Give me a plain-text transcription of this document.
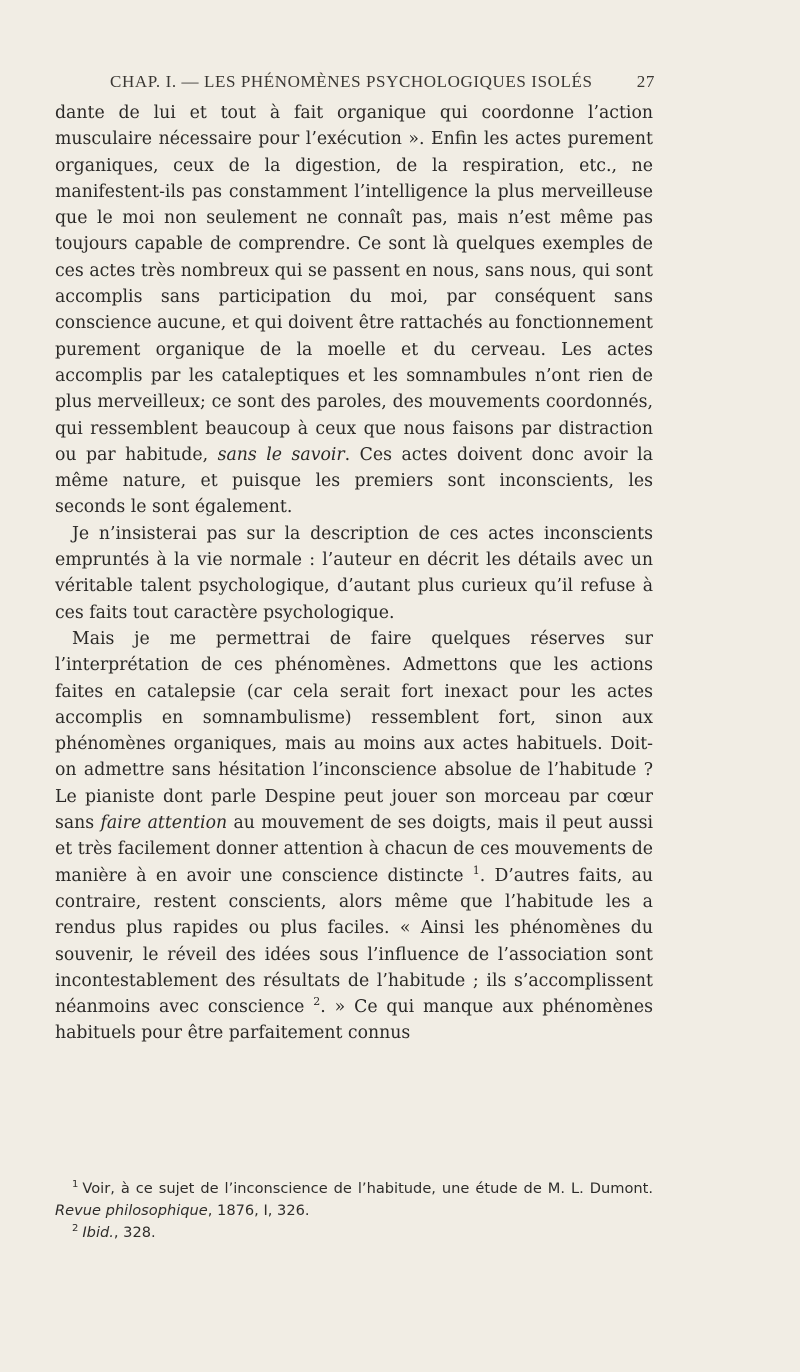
CHAP. I. — LES PHÉNOMÈNES PSYCHOLOGIQUES ISOLÉS	27

dante de lui et tout à fait organique qui coordonne l’action musculaire nécessaire pour l’exécution ». Enfin les actes purement organiques, ceux de la digestion, de la respiration, etc., ne manifestent-ils pas constamment l’intelligence la plus merveilleuse que le moi non seulement ne connaît pas, mais n’est même pas toujours capable de comprendre. Ce sont là quelques exemples de ces actes très nombreux qui se passent en nous, sans nous, qui sont accomplis sans participation du moi, par conséquent sans conscience aucune, et qui doivent être rattachés au fonctionnement purement organique de la moelle et du cerveau. Les actes accomplis par les cataleptiques et les somnambules n’ont rien de plus merveilleux; ce sont des paroles, des mouvements coordonnés, qui ressemblent beaucoup à ceux que nous faisons par distraction ou par habitude, sans le savoir. Ces actes doivent donc avoir la même nature, et puisque les premiers sont inconscients, les seconds le sont également.

Je n’insisterai pas sur la description de ces actes inconscients empruntés à la vie normale : l’auteur en décrit les détails avec un véritable talent psychologique, d’autant plus curieux qu’il refuse à ces faits tout caractère psychologique.

Mais je me permettrai de faire quelques réserves sur l’interprétation de ces phénomènes. Admettons que les actions faites en catalepsie (car cela serait fort inexact pour les actes accomplis en somnambulisme) ressemblent fort, sinon aux phénomènes organiques, mais au moins aux actes habituels. Doit-on admettre sans hésitation l’inconscience absolue de l’habitude ? Le pianiste dont parle Despine peut jouer son morceau par cœur sans faire attention au mouvement de ses doigts, mais il peut aussi et très facilement donner attention à chacun de ces mouvements de manière à en avoir une conscience distincte $^1$. D’autres faits, au contraire, restent conscients, alors même que l’habitude les a rendus plus rapides ou plus faciles. « Ainsi les phénomènes du souvenir, le réveil des idées sous l’influence de l’association sont incontestablement des résultats de l’habitude ; ils s’accomplissent néanmoins avec conscience $^2$. » Ce qui manque aux phénomènes habituels pour être parfaitement connus

$^1$ Voir, à ce sujet de l’inconscience de l’habitude, une étude de M. L. Dumont. Revue philosophique, 1876, I, 326.

$^2$ Ibid., 328.
